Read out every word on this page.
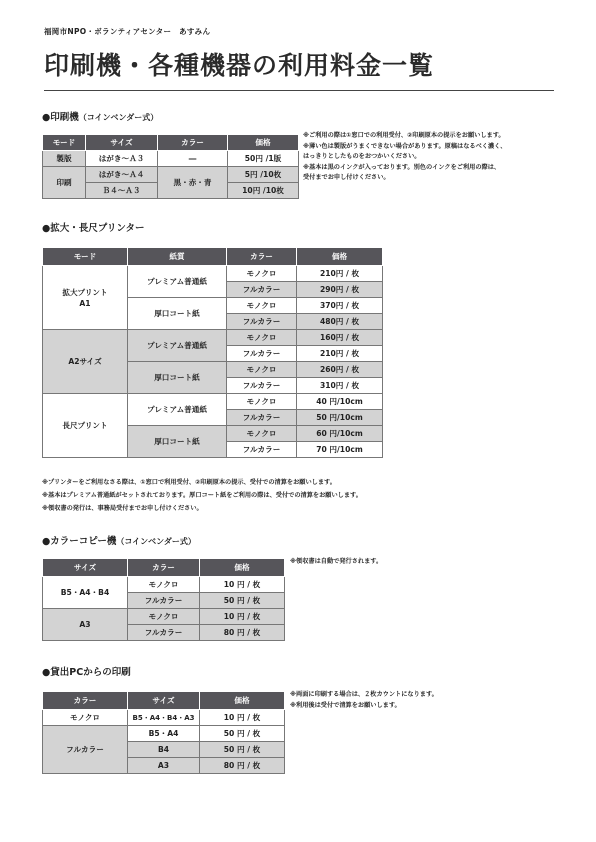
福岡市NPO・ボランティアセンター　あすみん
印刷機・各種機器の利用料金一覧
●印刷機（コインベンダー式）
モード	サイズ	カラー	価格
製版	はがき～Ａ３	―	50円 /1版
印刷	はがき～Ａ４	黒・赤・青	5円 /10枚
	Ｂ４～Ａ３		10円 /10枚
※ご利用の際は①窓口での利用受付、②印刷原本の提示をお願いします。
※薄い色は製版がうまくできない場合があります。原稿はなるべく濃く、
はっきりとしたものをおつかいください。
※基本は黒のインクが入っております。別色のインクをご利用の際は、
受付までお申し付けください。
●拡大・長尺プリンター
モード	紙質	カラー	価格
拡大プリント
A1	プレミアム普通紙	モノクロ	210円 / 枚
		フルカラー	290円 / 枚
	厚口コート紙	モノクロ	370円 / 枚
		フルカラー	480円 / 枚
A2サイズ	プレミアム普通紙	モノクロ	160円 / 枚
		フルカラー	210円 / 枚
	厚口コート紙	モノクロ	260円 / 枚
		フルカラー	310円 / 枚
長尺プリント	プレミアム普通紙	モノクロ	40 円/10cm
		フルカラー	50 円/10cm
	厚口コート紙	モノクロ	60 円/10cm
		フルカラー	70 円/10cm
※プリンターをご利用なさる際は、①窓口で利用受付、②印刷原本の提示、受付での清算をお願いします。
※基本はプレミアム普通紙がセットされております。厚口コート紙をご利用の際は、受付での清算をお願いします。
※領収書の発行は、事務局受付までお申し付けください。
●カラーコピー機（コインベンダー式）
サイズ	カラー	価格
B5・A4・B4	モノクロ	10 円 / 枚
	フルカラー	50 円 / 枚
A3	モノクロ	10 円 / 枚
	フルカラー	80 円 / 枚
※領収書は自動で発行されます。
●貸出PCからの印刷
カラー	サイズ	価格
モノクロ	B5・A4・B4・A3	10 円 / 枚
フルカラー	B5・A4	50 円 / 枚
	B4	50 円 / 枚
	A3	80 円 / 枚
※両面に印刷する場合は、２枚カウントになります。
※利用後は受付で清算をお願いします。
